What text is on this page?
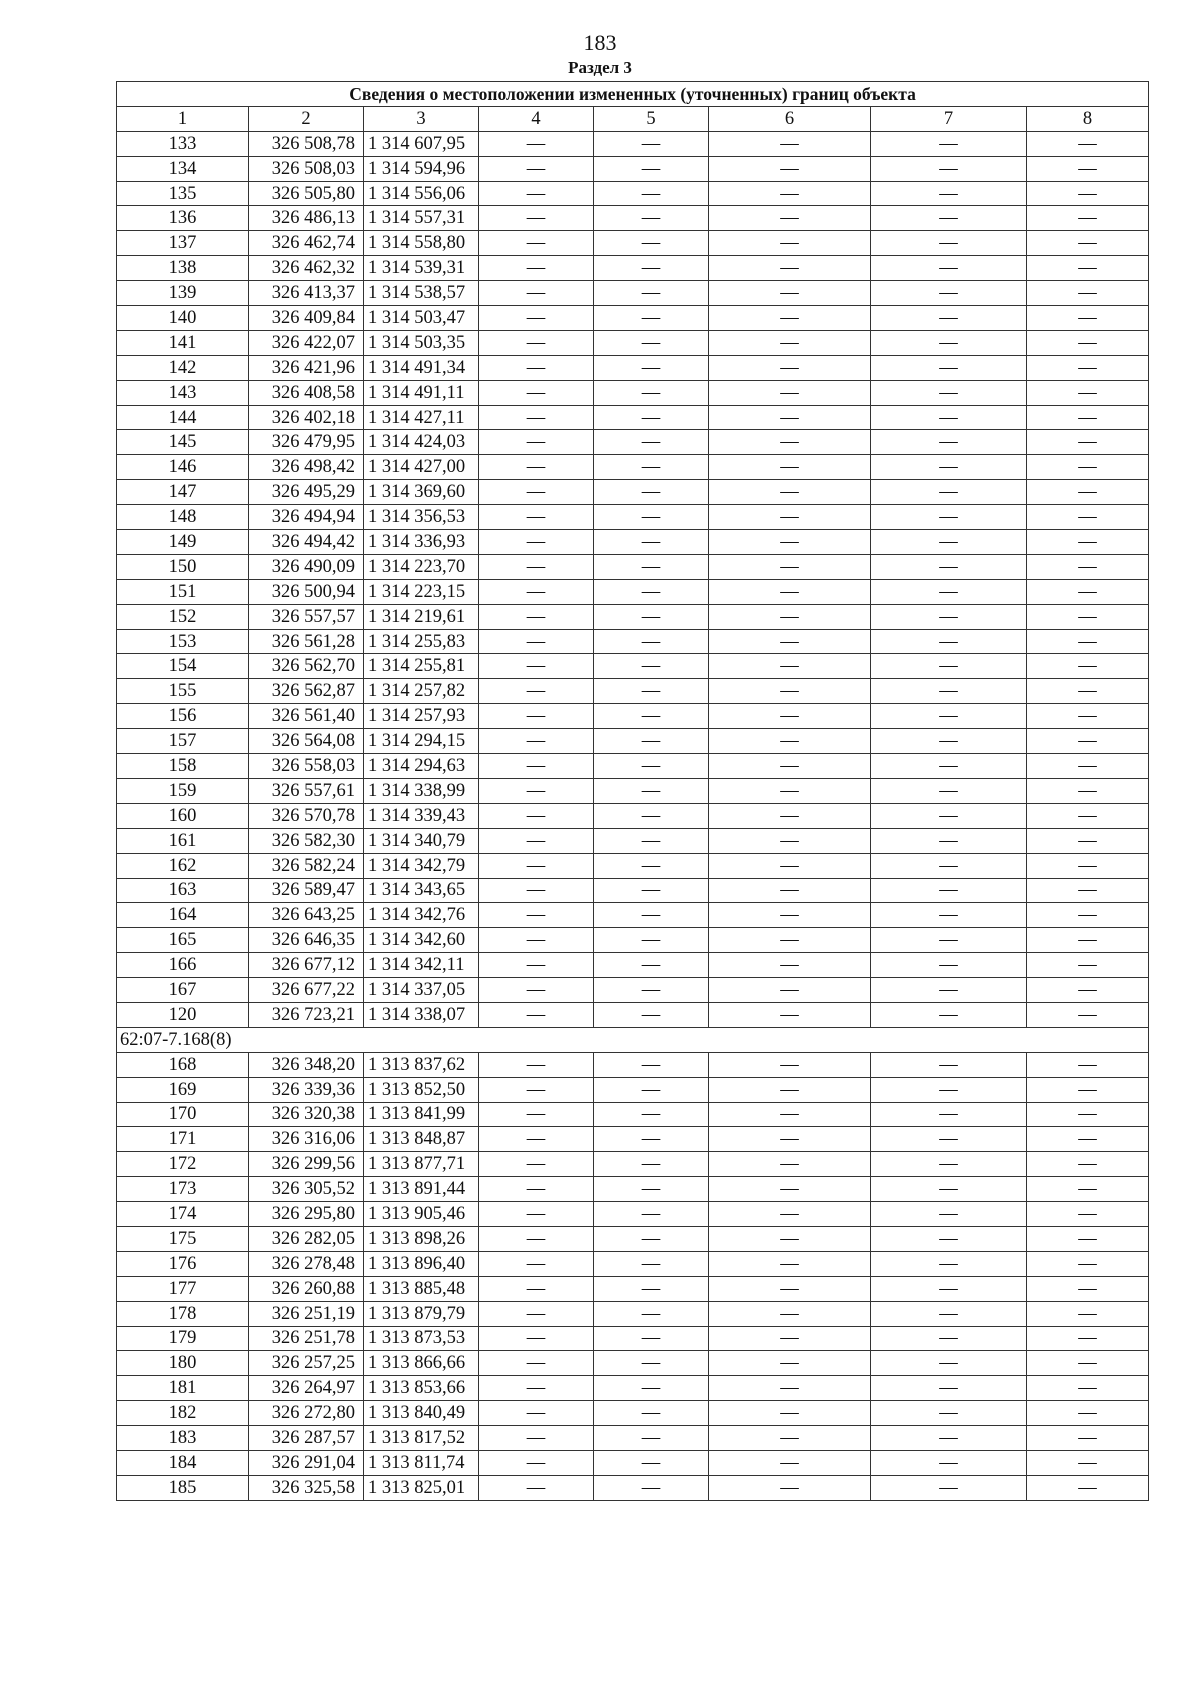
183
Раздел 3
Сведения о местоположении измененных (уточненных) границ объекта							
1	2	3	4	5	6	7	8
133	326 508,78	1 314 607,95	—	—	—	—	—
134	326 508,03	1 314 594,96	—	—	—	—	—
135	326 505,80	1 314 556,06	—	—	—	—	—
136	326 486,13	1 314 557,31	—	—	—	—	—
137	326 462,74	1 314 558,80	—	—	—	—	—
138	326 462,32	1 314 539,31	—	—	—	—	—
139	326 413,37	1 314 538,57	—	—	—	—	—
140	326 409,84	1 314 503,47	—	—	—	—	—
141	326 422,07	1 314 503,35	—	—	—	—	—
142	326 421,96	1 314 491,34	—	—	—	—	—
143	326 408,58	1 314 491,11	—	—	—	—	—
144	326 402,18	1 314 427,11	—	—	—	—	—
145	326 479,95	1 314 424,03	—	—	—	—	—
146	326 498,42	1 314 427,00	—	—	—	—	—
147	326 495,29	1 314 369,60	—	—	—	—	—
148	326 494,94	1 314 356,53	—	—	—	—	—
149	326 494,42	1 314 336,93	—	—	—	—	—
150	326 490,09	1 314 223,70	—	—	—	—	—
151	326 500,94	1 314 223,15	—	—	—	—	—
152	326 557,57	1 314 219,61	—	—	—	—	—
153	326 561,28	1 314 255,83	—	—	—	—	—
154	326 562,70	1 314 255,81	—	—	—	—	—
155	326 562,87	1 314 257,82	—	—	—	—	—
156	326 561,40	1 314 257,93	—	—	—	—	—
157	326 564,08	1 314 294,15	—	—	—	—	—
158	326 558,03	1 314 294,63	—	—	—	—	—
159	326 557,61	1 314 338,99	—	—	—	—	—
160	326 570,78	1 314 339,43	—	—	—	—	—
161	326 582,30	1 314 340,79	—	—	—	—	—
162	326 582,24	1 314 342,79	—	—	—	—	—
163	326 589,47	1 314 343,65	—	—	—	—	—
164	326 643,25	1 314 342,76	—	—	—	—	—
165	326 646,35	1 314 342,60	—	—	—	—	—
166	326 677,12	1 314 342,11	—	—	—	—	—
167	326 677,22	1 314 337,05	—	—	—	—	—
120	326 723,21	1 314 338,07	—	—	—	—	—
62:07-7.168(8)							
168	326 348,20	1 313 837,62	—	—	—	—	—
169	326 339,36	1 313 852,50	—	—	—	—	—
170	326 320,38	1 313 841,99	—	—	—	—	—
171	326 316,06	1 313 848,87	—	—	—	—	—
172	326 299,56	1 313 877,71	—	—	—	—	—
173	326 305,52	1 313 891,44	—	—	—	—	—
174	326 295,80	1 313 905,46	—	—	—	—	—
175	326 282,05	1 313 898,26	—	—	—	—	—
176	326 278,48	1 313 896,40	—	—	—	—	—
177	326 260,88	1 313 885,48	—	—	—	—	—
178	326 251,19	1 313 879,79	—	—	—	—	—
179	326 251,78	1 313 873,53	—	—	—	—	—
180	326 257,25	1 313 866,66	—	—	—	—	—
181	326 264,97	1 313 853,66	—	—	—	—	—
182	326 272,80	1 313 840,49	—	—	—	—	—
183	326 287,57	1 313 817,52	—	—	—	—	—
184	326 291,04	1 313 811,74	—	—	—	—	—
185	326 325,58	1 313 825,01	—	—	—	—	—
